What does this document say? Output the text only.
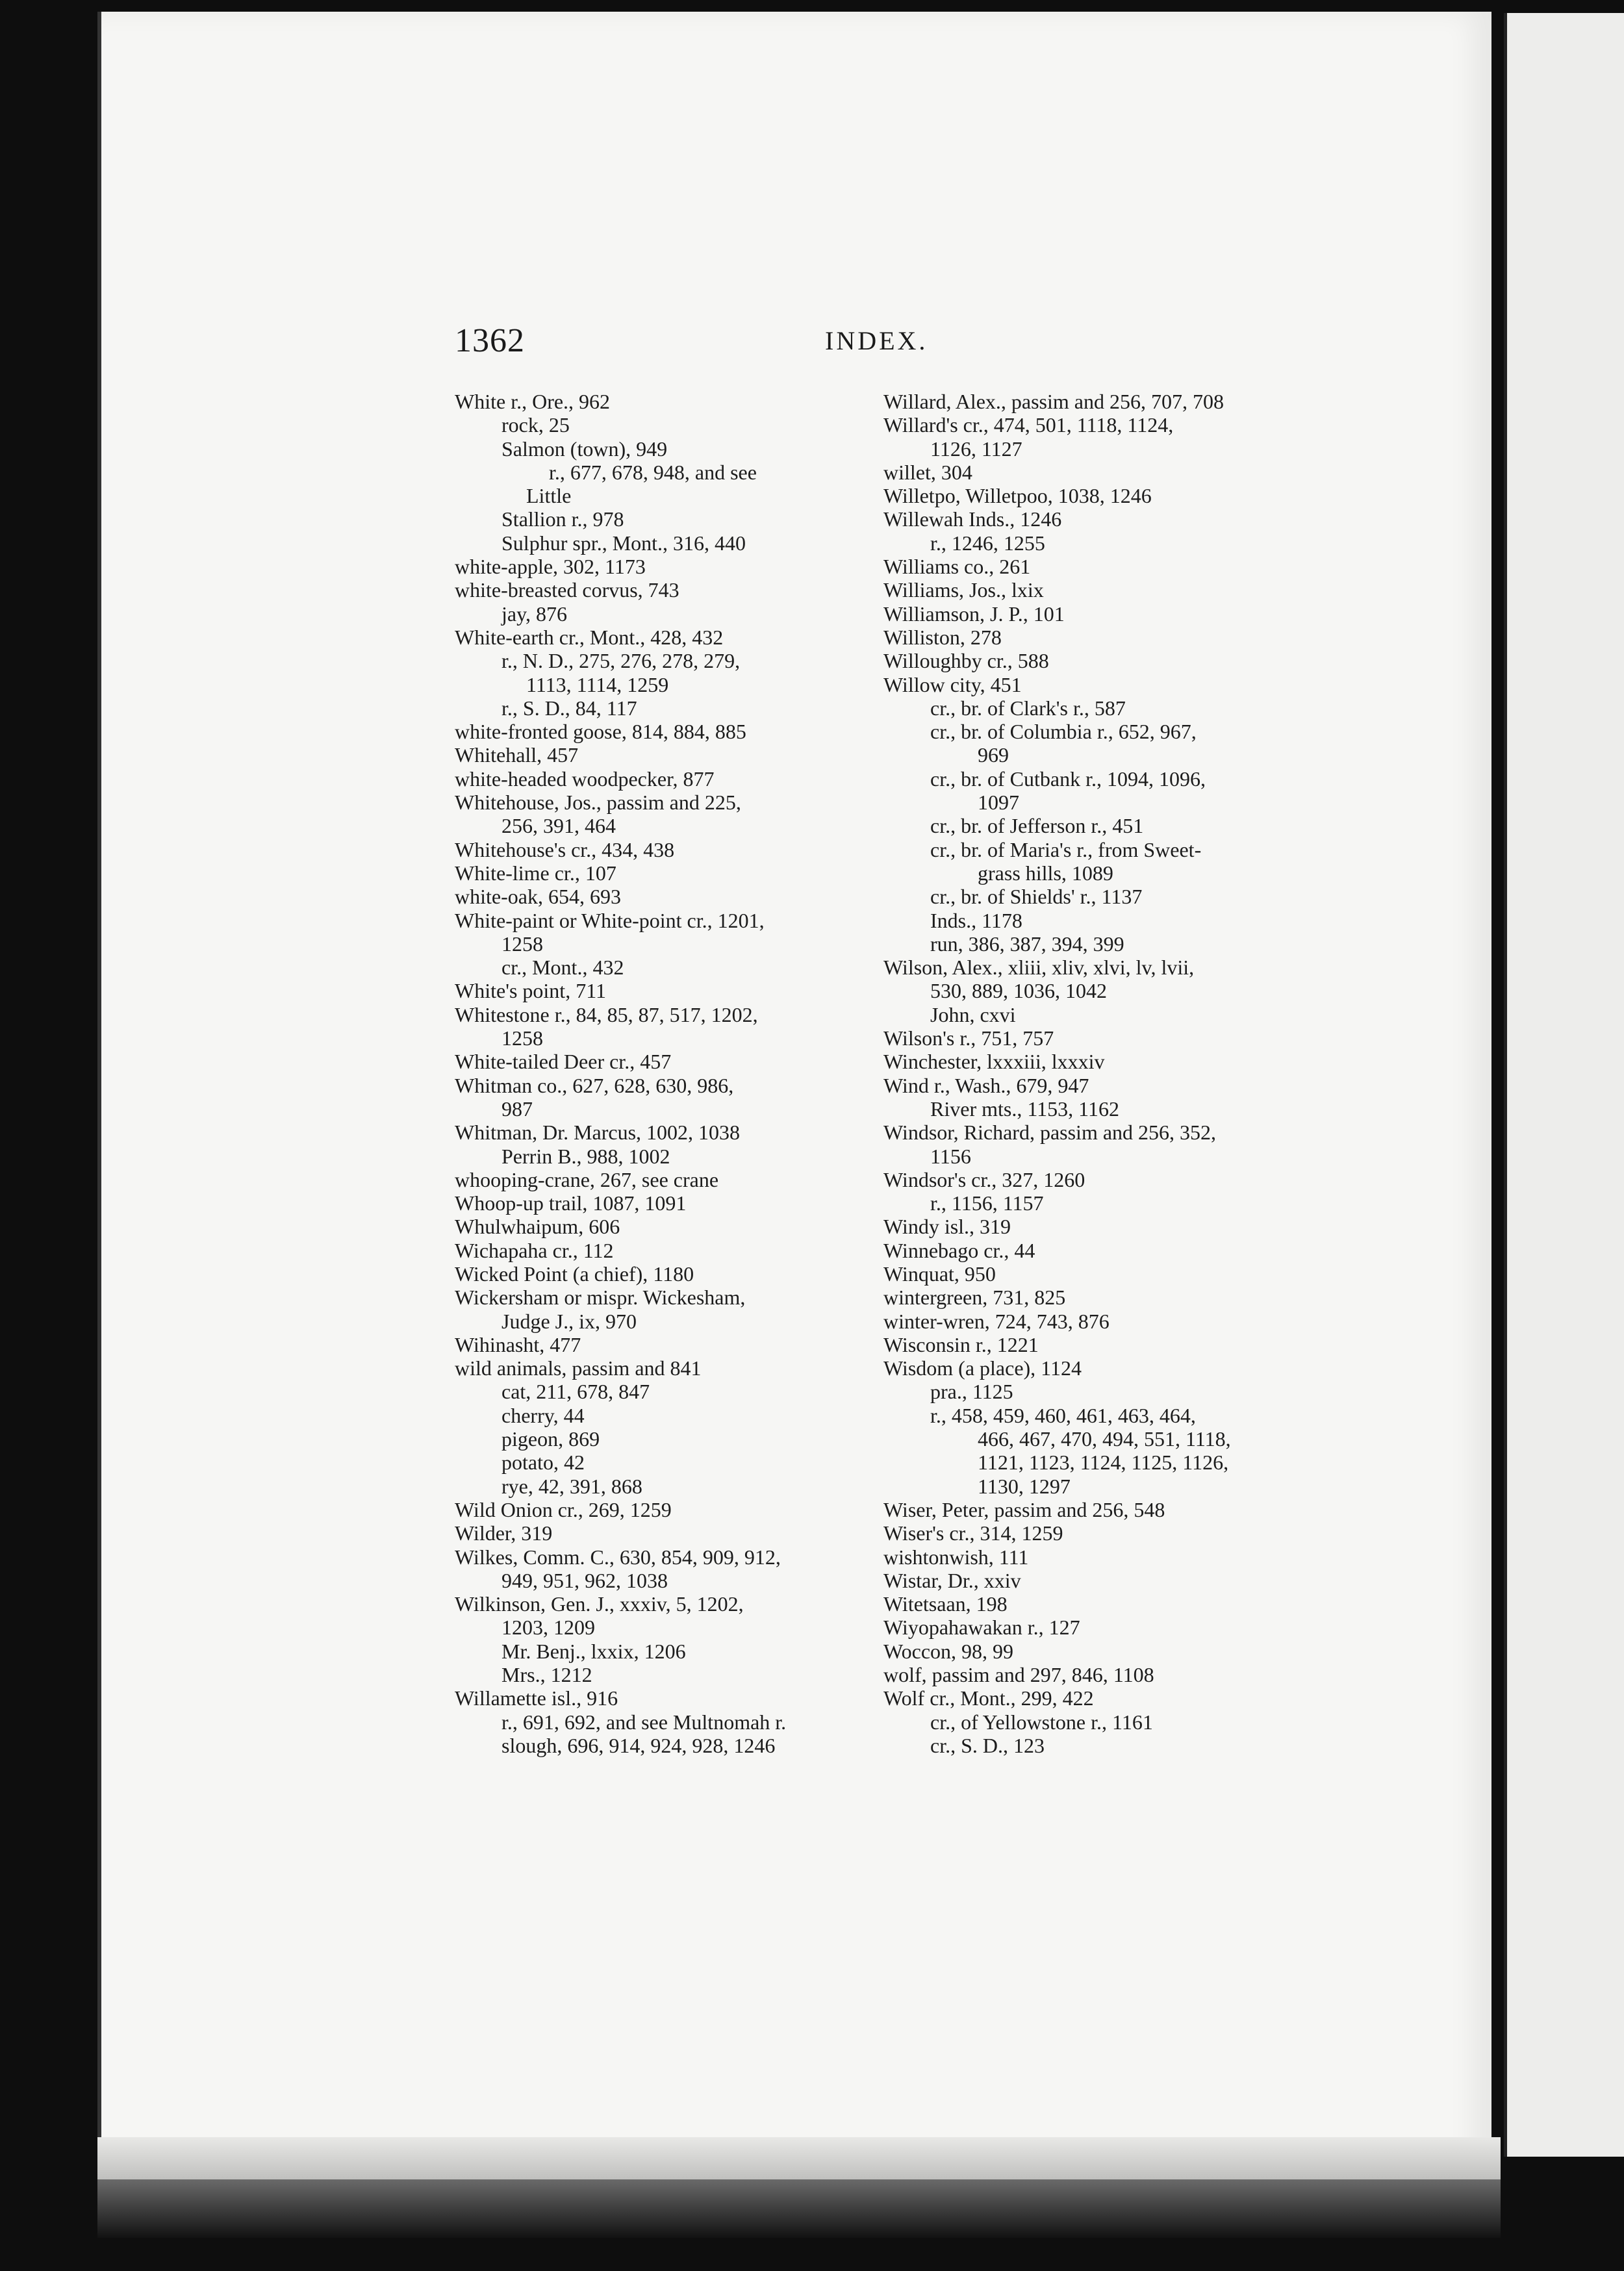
1362	INDEX.
White r., Ore., 962
rock, 25
Salmon (town), 949
r., 677, 678, 948, and see
Little
Stallion r., 978
Sulphur spr., Mont., 316, 440
white-apple, 302, 1173
white-breasted corvus, 743
jay, 876
White-earth cr., Mont., 428, 432
r., N. D., 275, 276, 278, 279,
1113, 1114, 1259
r., S. D., 84, 117
white-fronted goose, 814, 884, 885
Whitehall, 457
white-headed woodpecker, 877
Whitehouse, Jos., passim and 225,
256, 391, 464
Whitehouse's cr., 434, 438
White-lime cr., 107
white-oak, 654, 693
White-paint or White-point cr., 1201,
1258
cr., Mont., 432
White's point, 711
Whitestone r., 84, 85, 87, 517, 1202,
1258
White-tailed Deer cr., 457
Whitman co., 627, 628, 630, 986,
987
Whitman, Dr. Marcus, 1002, 1038
Perrin B., 988, 1002
whooping-crane, 267, see crane
Whoop-up trail, 1087, 1091
Whulwhaipum, 606
Wichapaha cr., 112
Wicked Point (a chief), 1180
Wickersham or mispr. Wickesham,
Judge J., ix, 970
Wihinasht, 477
wild animals, passim and 841
cat, 211, 678, 847
cherry, 44
pigeon, 869
potato, 42
rye, 42, 391, 868
Wild Onion cr., 269, 1259
Wilder, 319
Wilkes, Comm. C., 630, 854, 909, 912,
949, 951, 962, 1038
Wilkinson, Gen. J., xxxiv, 5, 1202,
1203, 1209
Mr. Benj., lxxix, 1206
Mrs., 1212
Willamette isl., 916
r., 691, 692, and see Multnomah r.
slough, 696, 914, 924, 928, 1246
Willard, Alex., passim and 256, 707, 708
Willard's cr., 474, 501, 1118, 1124,
1126, 1127
willet, 304
Willetpo, Willetpoo, 1038, 1246
Willewah Inds., 1246
r., 1246, 1255
Williams co., 261
Williams, Jos., lxix
Williamson, J. P., 101
Williston, 278
Willoughby cr., 588
Willow city, 451
cr., br. of Clark's r., 587
cr., br. of Columbia r., 652, 967,
969
cr., br. of Cutbank r., 1094, 1096,
1097
cr., br. of Jefferson r., 451
cr., br. of Maria's r., from Sweet-
grass hills, 1089
cr., br. of Shields' r., 1137
Inds., 1178
run, 386, 387, 394, 399
Wilson, Alex., xliii, xliv, xlvi, lv, lvii,
530, 889, 1036, 1042
John, cxvi
Wilson's r., 751, 757
Winchester, lxxxiii, lxxxiv
Wind r., Wash., 679, 947
River mts., 1153, 1162
Windsor, Richard, passim and 256, 352,
1156
Windsor's cr., 327, 1260
r., 1156, 1157
Windy isl., 319
Winnebago cr., 44
Winquat, 950
wintergreen, 731, 825
winter-wren, 724, 743, 876
Wisconsin r., 1221
Wisdom (a place), 1124
pra., 1125
r., 458, 459, 460, 461, 463, 464,
466, 467, 470, 494, 551, 1118,
1121, 1123, 1124, 1125, 1126,
1130, 1297
Wiser, Peter, passim and 256, 548
Wiser's cr., 314, 1259
wishtonwish, 111
Wistar, Dr., xxiv
Witetsaan, 198
Wiyopahawakan r., 127
Woccon, 98, 99
wolf, passim and 297, 846, 1108
Wolf cr., Mont., 299, 422
cr., of Yellowstone r., 1161
cr., S. D., 123
